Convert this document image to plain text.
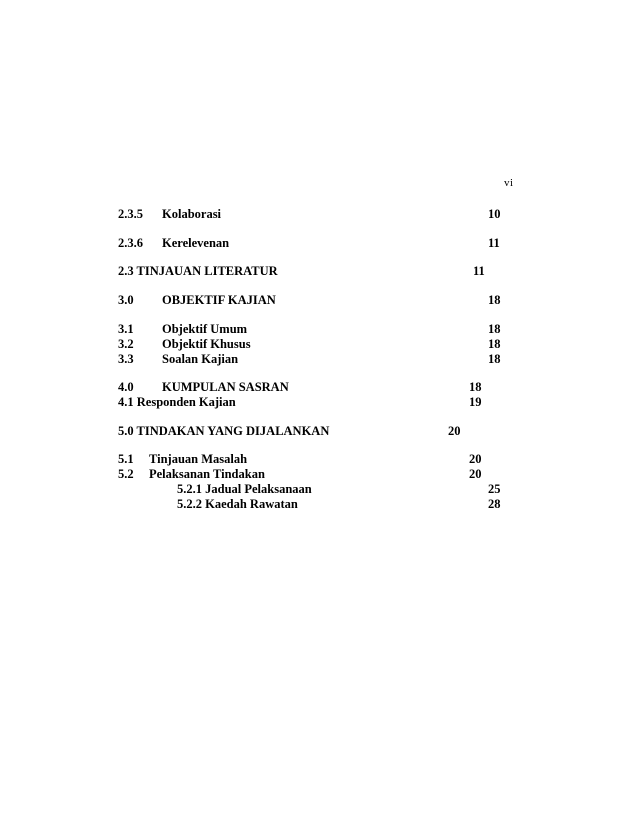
vi
2.3.5 Kolaborasi	10
2.3.6 Kerelevenan	11
2.3 TINJAUAN LITERATUR	11
3.0 OBJEKTIF KAJIAN	18
3.1 Objektif Umum	18
3.2 Objektif Khusus	18
3.3 Soalan Kajian	18
4.0 KUMPULAN SASRAN	18
4.1 Responden Kajian	19
5.0 TINDAKAN YANG DIJALANKAN	20
5.1 Tinjauan Masalah	20
5.2 Pelaksanan Tindakan	20
5.2.1 Jadual Pelaksanaan	25
5.2.2 Kaedah Rawatan	28
